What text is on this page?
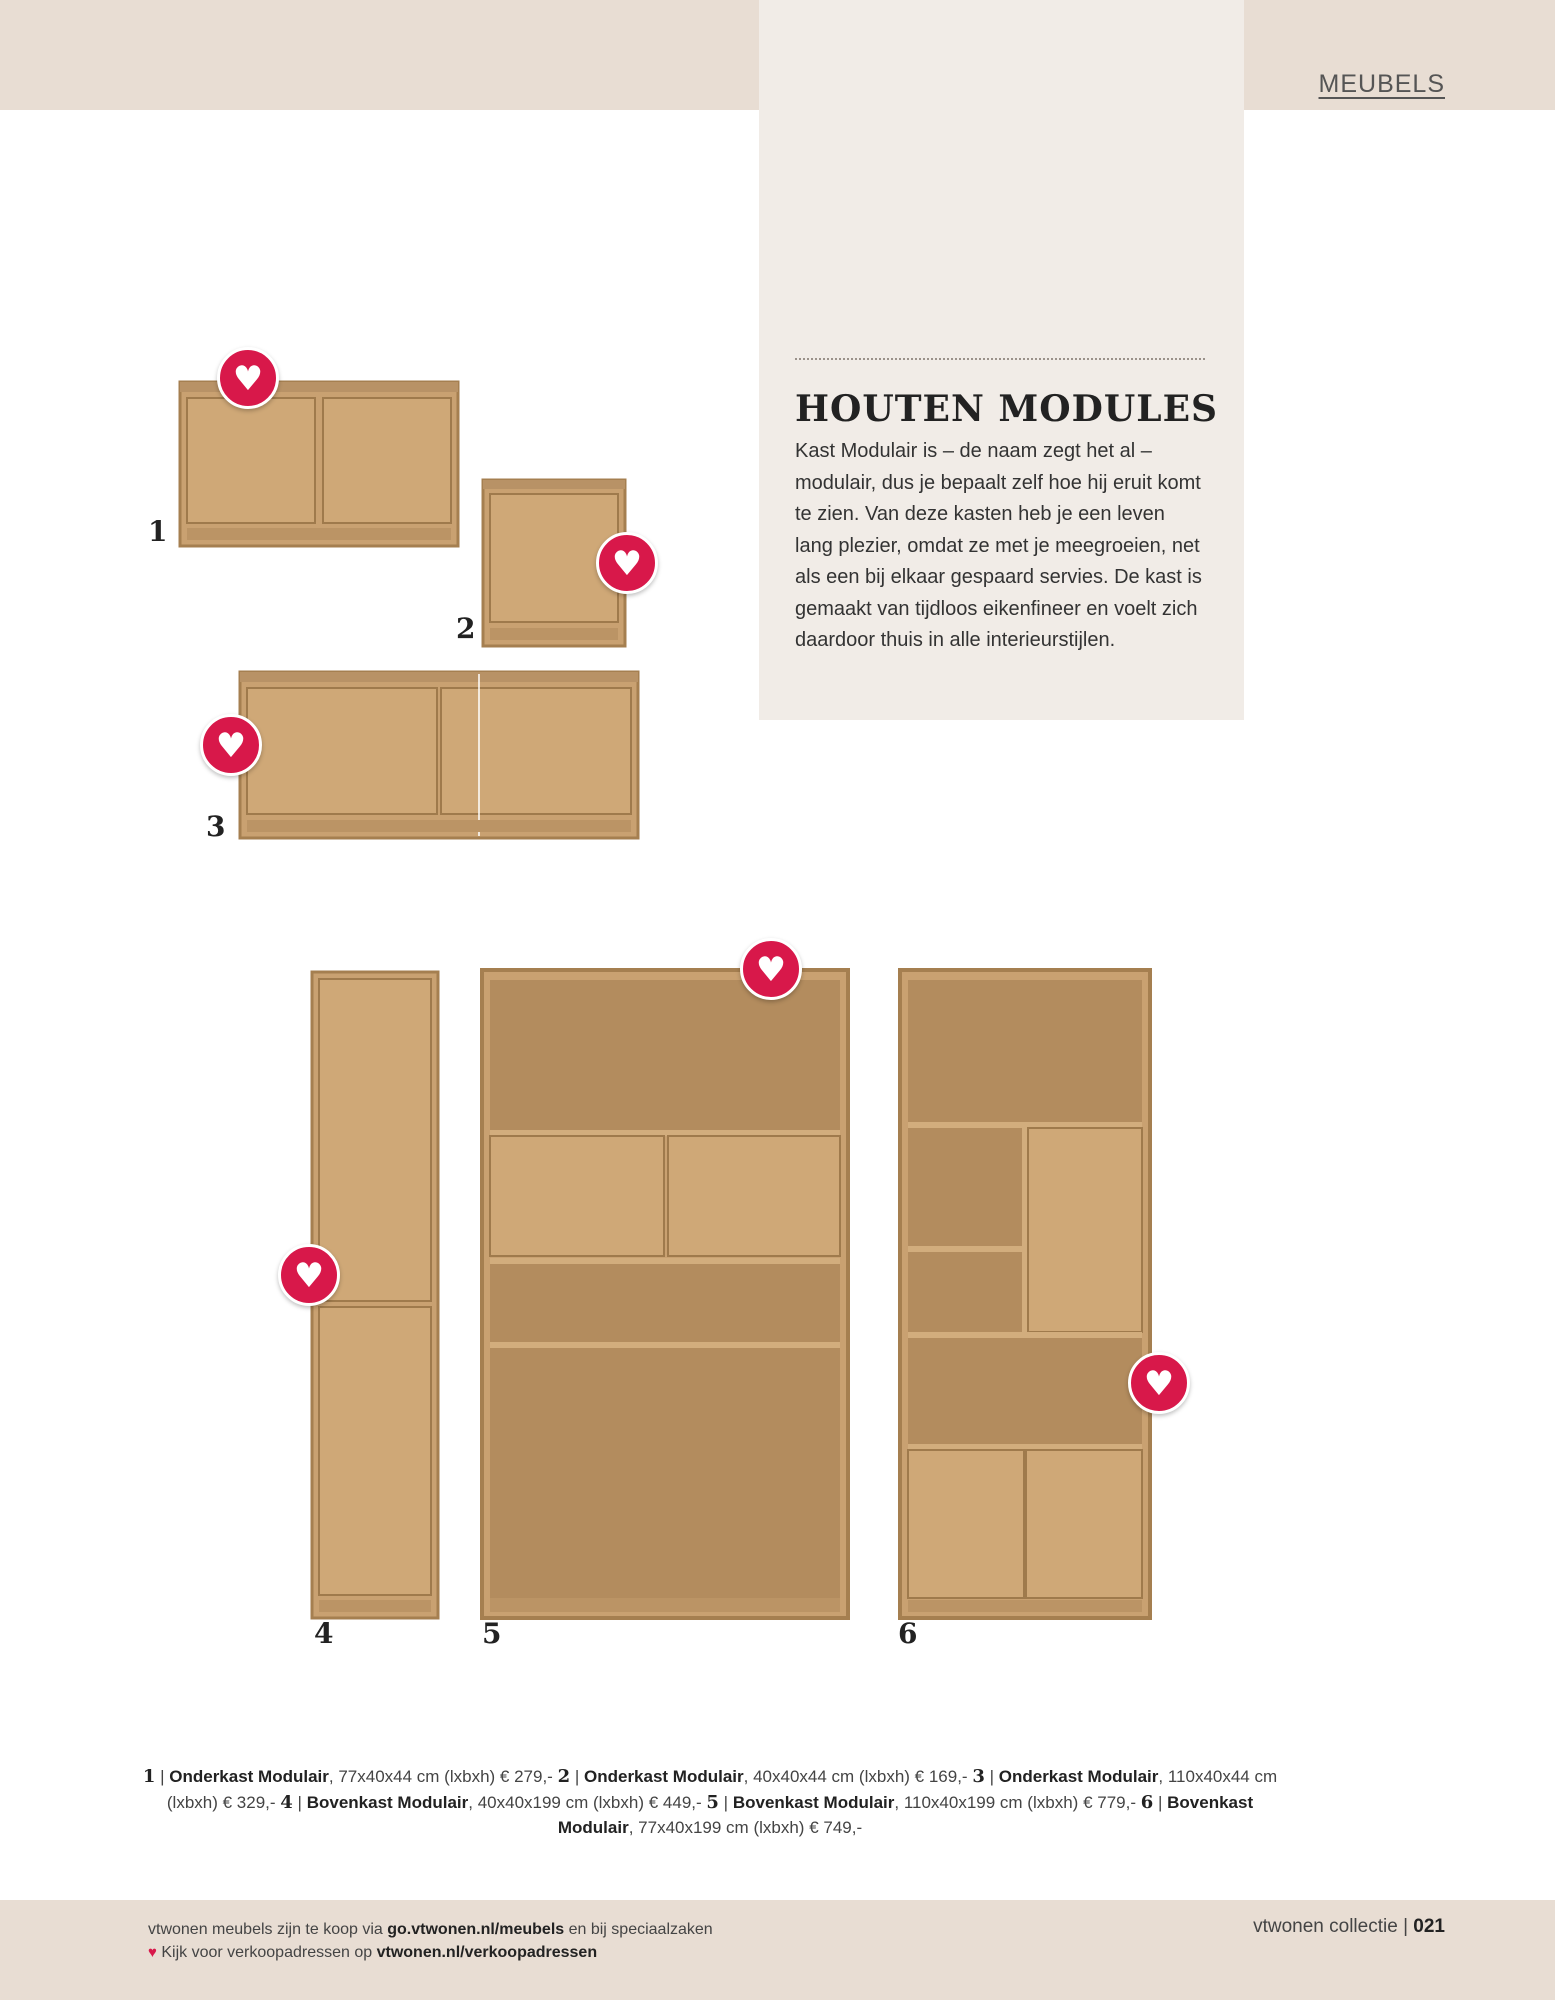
MEUBELS
HOUTEN MODULES
Kast Modulair is – de naam zegt het al – modulair, dus je bepaalt zelf hoe hij eruit komt te zien. Van deze kasten heb je een leven lang plezier, omdat ze met je meegroeien, net als een bij elkaar gespaard servies. De kast is gemaakt van tijdloos eikenfineer en voelt zich daardoor thuis in alle interieurstijlen.
♥
♥
♥
♥
♥
♥
1
2
3
4	5	6
1 | Onderkast Modulair, 77x40x44 cm (lxbxh) € 279,- 2 | Onderkast Modulair, 40x40x44 cm (lxbxh) € 169,- 3 | Onderkast Modulair, 110x40x44 cm (lxbxh) € 329,- 4 | Bovenkast Modulair, 40x40x199 cm (lxbxh) € 449,- 5 | Bovenkast Modulair, 110x40x199 cm (lxbxh) € 779,- 6 | Bovenkast Modulair, 77x40x199 cm (lxbxh) € 749,-
vtwonen meubels zijn te koop via go.vtwonen.nl/meubels en bij speciaalzaken
♥ Kijk voor verkoopadressen op vtwonen.nl/verkoopadressen
vtwonen collectie | 021
